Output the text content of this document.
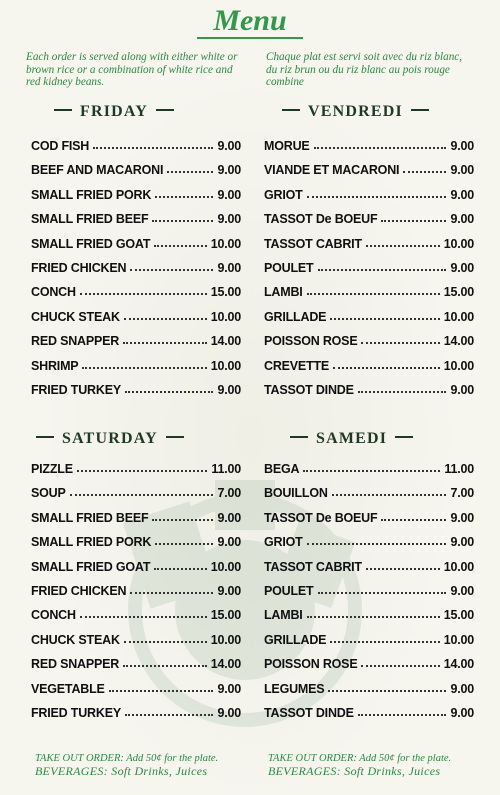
Menu
Each order is served along with either white or brown rice or a combination of white rice and red kidney beans.
Chaque plat est servi soit avec du riz blanc, du riz brun ou du riz blanc au pois rouge combine
FRIDAY	VENDREDI
COD FISH	9.00
BEEF AND MACARONI	9.00
SMALL FRIED PORK	9.00
SMALL FRIED BEEF	9.00
SMALL FRIED GOAT	10.00
FRIED CHICKEN	9.00
CONCH	15.00
CHUCK STEAK	10.00
RED SNAPPER	14.00
SHRIMP	10.00
FRIED TURKEY	9.00
MORUE	9.00
VIANDE ET MACARONI	9.00
GRIOT	9.00
TASSOT De BOEUF	9.00
TASSOT CABRIT	10.00
POULET	9.00
LAMBI	15.00
GRILLADE	10.00
POISSON ROSE	14.00
CREVETTE	10.00
TASSOT DINDE	9.00
SATURDAY	SAMEDI
PIZZLE	11.00
SOUP	7.00
SMALL FRIED BEEF	9.00
SMALL FRIED PORK	9.00
SMALL FRIED GOAT	10.00
FRIED CHICKEN	9.00
CONCH	15.00
CHUCK STEAK	10.00
RED SNAPPER	14.00
VEGETABLE	9.00
FRIED TURKEY	9.00
BEGA	11.00
BOUILLON	7.00
TASSOT De BOEUF	9.00
GRIOT	9.00
TASSOT CABRIT	10.00
POULET	9.00
LAMBI	15.00
GRILLADE	10.00
POISSON ROSE	14.00
LEGUMES	9.00
TASSOT DINDE	9.00
TAKE OUT ORDER: Add 50¢ for the plate.
BEVERAGES: Soft Drinks, Juices
TAKE OUT ORDER: Add 50¢ for the plate.
BEVERAGES: Soft Drinks, Juices
